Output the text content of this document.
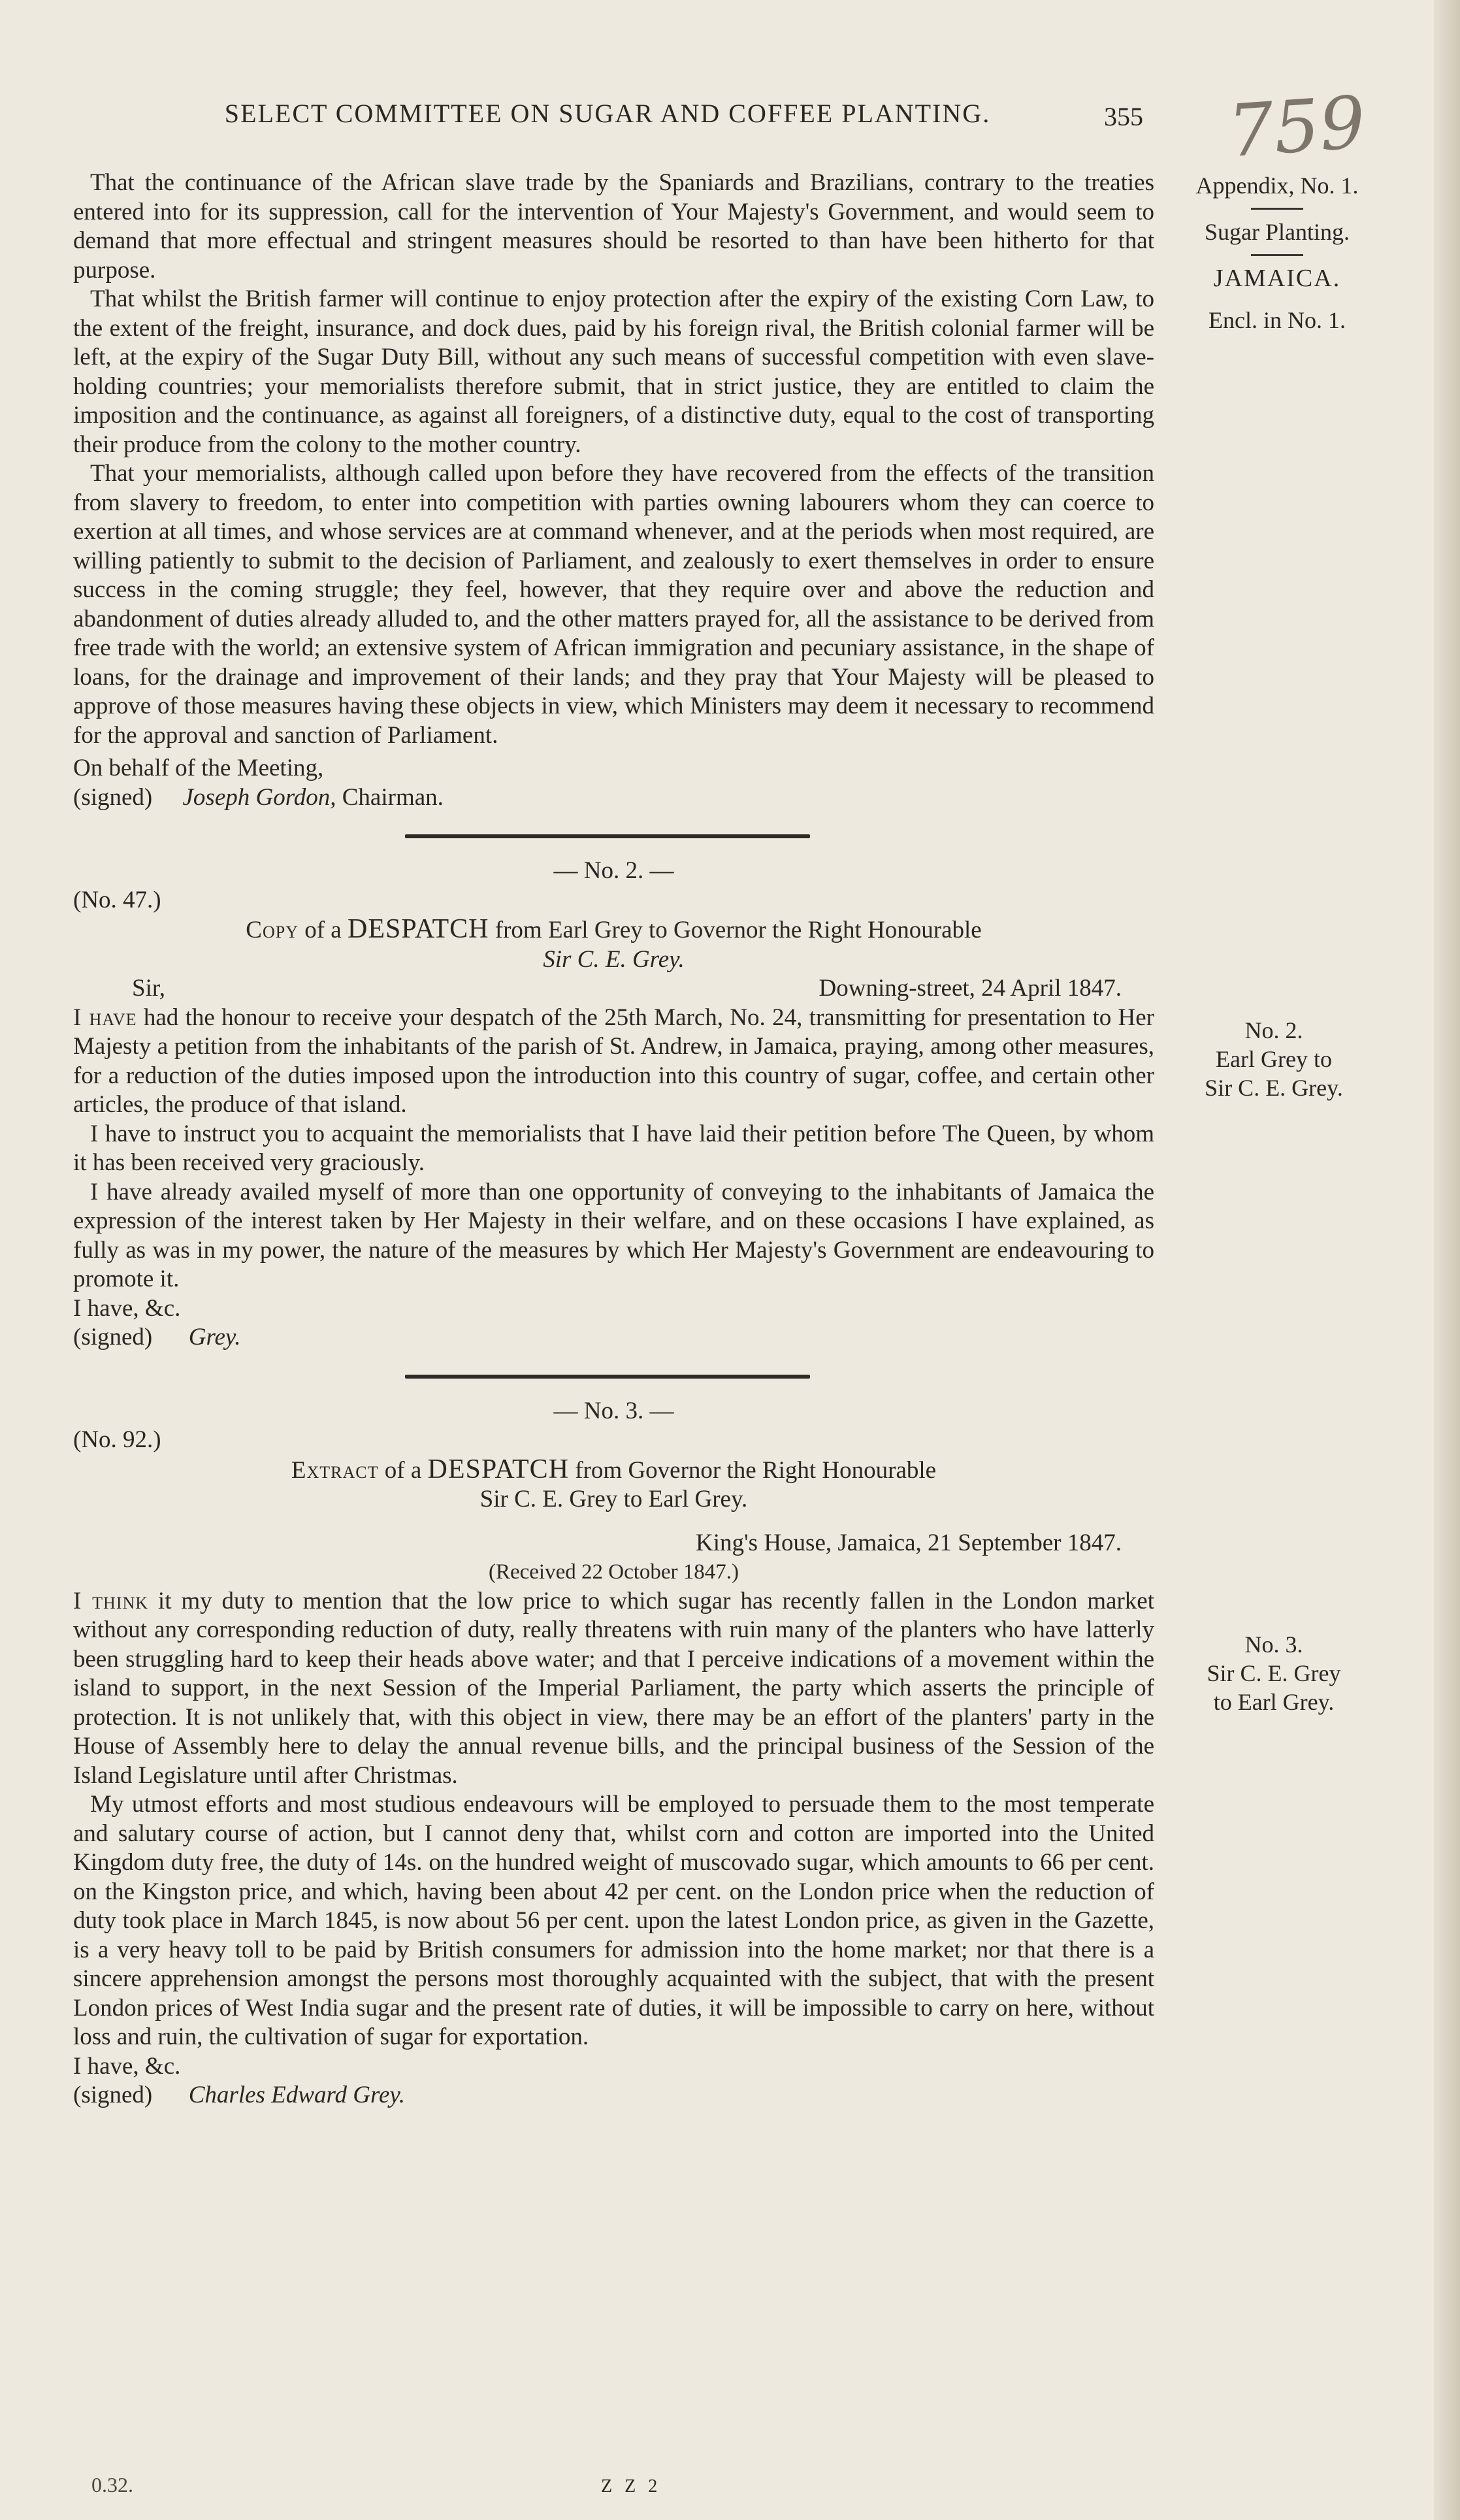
SELECT COMMITTEE ON SUGAR AND COFFEE PLANTING.	355 759
Appendix, No. 1.
Sugar Planting.
JAMAICA.
Encl. in No. 1.
No. 2.
Earl Grey to
Sir C. E. Grey.
No. 3.
Sir C. E. Grey
to Earl Grey.

That the continuance of the African slave trade by the Spaniards and Brazilians, contrary to the treaties entered into for its suppression, call for the intervention of Your Majesty's Government, and would seem to demand that more effectual and stringent measures should be resorted to than have been hitherto for that purpose.

That whilst the British farmer will continue to enjoy protection after the expiry of the existing Corn Law, to the extent of the freight, insurance, and dock dues, paid by his foreign rival, the British colonial farmer will be left, at the expiry of the Sugar Duty Bill, without any such means of successful competition with even slave-holding countries; your memorialists therefore submit, that in strict justice, they are entitled to claim the imposition and the continuance, as against all foreigners, of a distinctive duty, equal to the cost of transporting their produce from the colony to the mother country.

That your memorialists, although called upon before they have recovered from the effects of the transition from slavery to freedom, to enter into competition with parties owning labourers whom they can coerce to exertion at all times, and whose services are at command whenever, and at the periods when most required, are willing patiently to submit to the decision of Parliament, and zealously to exert themselves in order to ensure success in the coming struggle; they feel, however, that they require over and above the reduction and abandonment of duties already alluded to, and the other matters prayed for, all the assistance to be derived from free trade with the world; an extensive system of African immigration and pecuniary assistance, in the shape of loans, for the drainage and improvement of their lands; and they pray that Your Majesty will be pleased to approve of those measures having these objects in view, which Ministers may deem it necessary to recommend for the approval and sanction of Parliament.

On behalf of the Meeting,

(signed) Joseph Gordon, Chairman.

— No. 2. —

(No. 47.)

Copy of a DESPATCH from Earl Grey to Governor the Right Honourable

Sir C. E. Grey.

Sir,	Downing-street, 24 April 1847.

I have had the honour to receive your despatch of the 25th March, No. 24, transmitting for presentation to Her Majesty a petition from the inhabitants of the parish of St. Andrew, in Jamaica, praying, among other measures, for a reduction of the duties imposed upon the introduction into this country of sugar, coffee, and certain other articles, the produce of that island.

I have to instruct you to acquaint the memorialists that I have laid their petition before The Queen, by whom it has been received very graciously.

I have already availed myself of more than one opportunity of conveying to the inhabitants of Jamaica the expression of the interest taken by Her Majesty in their welfare, and on these occasions I have explained, as fully as was in my power, the nature of the measures by which Her Majesty's Government are endeavouring to promote it.

I have, &c.

(signed) Grey.

— No. 3. —

(No. 92.)

Extract of a DESPATCH from Governor the Right Honourable

Sir C. E. Grey to Earl Grey.

King's House, Jamaica, 21 September 1847.

(Received 22 October 1847.)

I think it my duty to mention that the low price to which sugar has recently fallen in the London market without any corresponding reduction of duty, really threatens with ruin many of the planters who have latterly been struggling hard to keep their heads above water; and that I perceive indications of a movement within the island to support, in the next Session of the Imperial Parliament, the party which asserts the principle of protection. It is not unlikely that, with this object in view, there may be an effort of the planters' party in the House of Assembly here to delay the annual revenue bills, and the principal business of the Session of the Island Legislature until after Christmas.

My utmost efforts and most studious endeavours will be employed to persuade them to the most temperate and salutary course of action, but I cannot deny that, whilst corn and cotton are imported into the United Kingdom duty free, the duty of 14s. on the hundred weight of muscovado sugar, which amounts to 66 per cent. on the Kingston price, and which, having been about 42 per cent. on the London price when the reduction of duty took place in March 1845, is now about 56 per cent. upon the latest London price, as given in the Gazette, is a very heavy toll to be paid by British consumers for admission into the home market; nor that there is a sincere apprehension amongst the persons most thoroughly acquainted with the subject, that with the present London prices of West India sugar and the present rate of duties, it will be impossible to carry on here, without loss and ruin, the cultivation of sugar for exportation.

I have, &c.

(signed) Charles Edward Grey.

0.32.	Z Z 2
